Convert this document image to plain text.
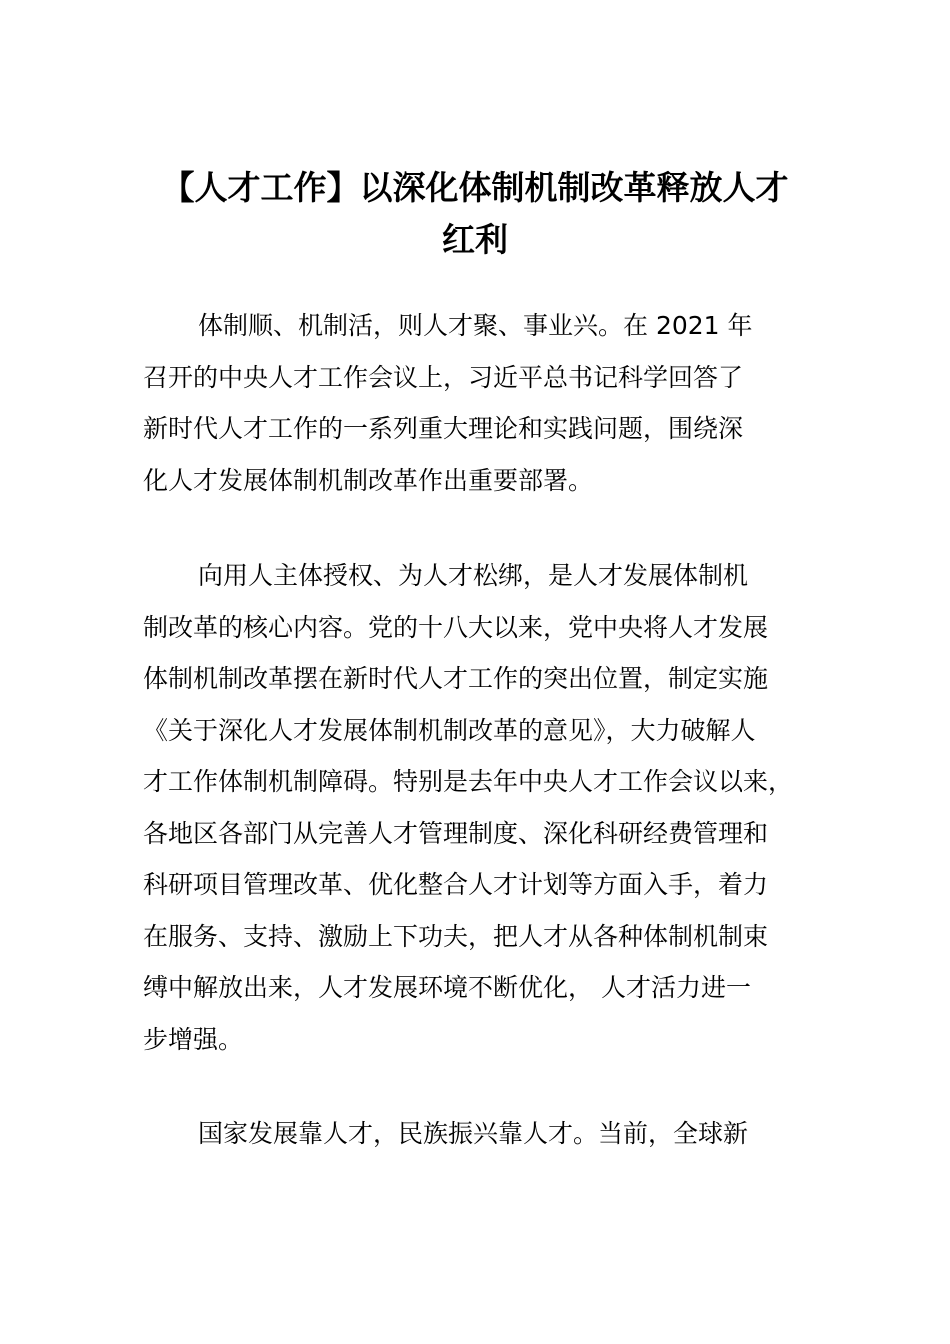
【人才工作】以深化体制机制改革释放人才
红利

体制顺、机制活，则人才聚、事业兴。在 2021 年

召开的中央人才工作会议上，习近平总书记科学回答了

新时代人才工作的一系列重大理论和实践问题，围绕深

化人才发展体制机制改革作出重要部署。

向用人主体授权、为人才松绑，是人才发展体制机

制改革的核心内容。党的十八大以来，党中央将人才发展

体制机制改革摆在新时代人才工作的突出位置，制定实施

《关于深化人才发展体制机制改革的意见》，大力破解人

才工作体制机制障碍。特别是去年中央人才工作会议以来，

各地区各部门从完善人才管理制度、深化科研经费管理和

科研项目管理改革、优化整合人才计划等方面入手，着力

在服务、支持、激励上下功夫，把人才从各种体制机制束

缚中解放出来，人才发展环境不断优化， 人才活力进一

步增强。

国家发展靠人才，民族振兴靠人才。当前，全球新
